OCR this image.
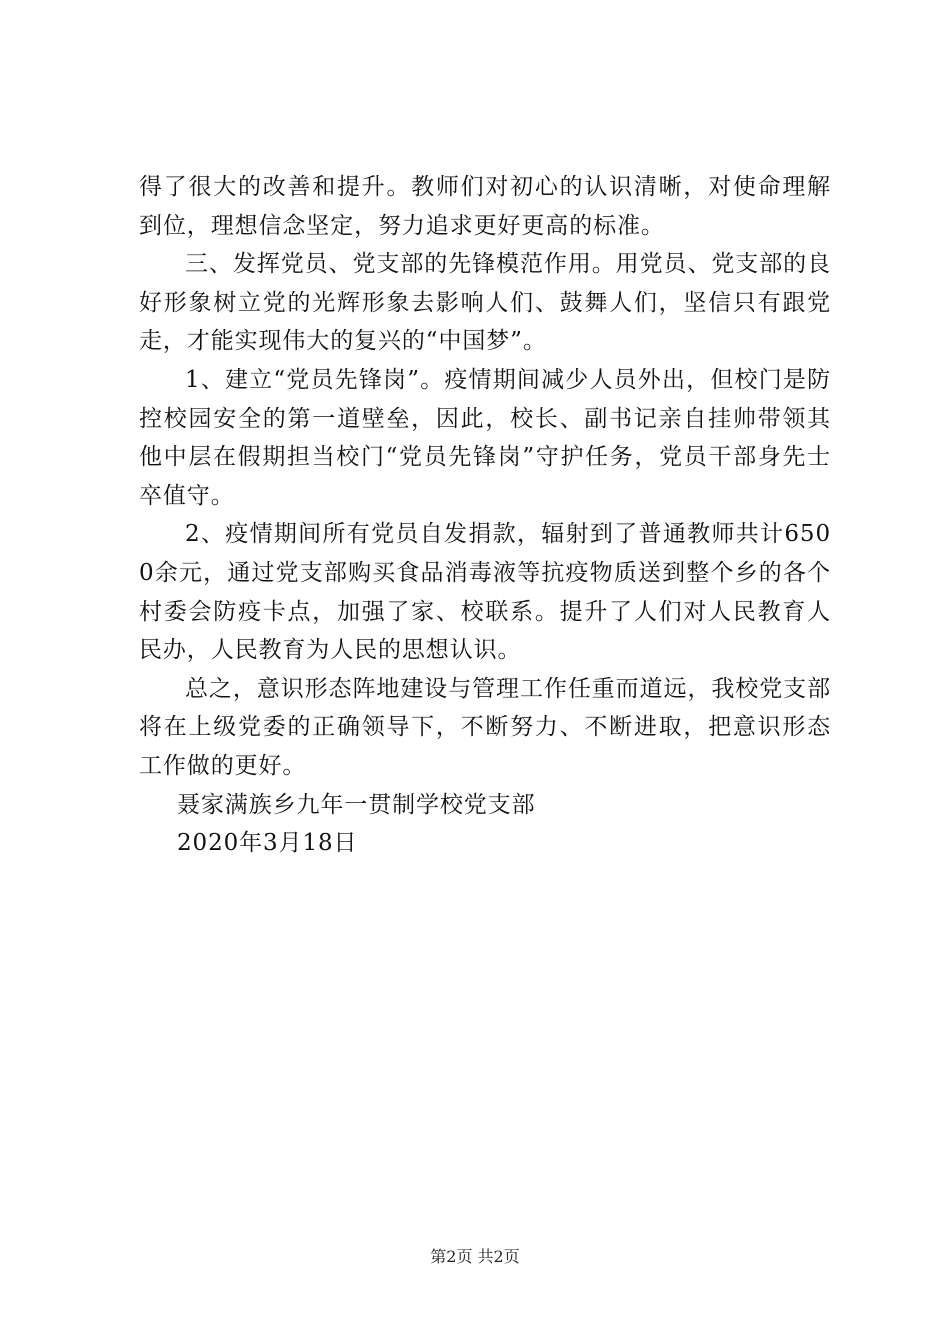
得了很大的改善和提升。教师们对初心的认识清晰，对使命理解到位，理想信念坚定，努力追求更好更高的标准。

三、发挥党员、党支部的先锋模范作用。用党员、党支部的良好形象树立党的光辉形象去影响人们、鼓舞人们，坚信只有跟党走，才能实现伟大的复兴的“中国梦”。

1、建立“党员先锋岗”。疫情期间减少人员外出，但校门是防控校园安全的第一道壁垒，因此，校长、副书记亲自挂帅带领其他中层在假期担当校门“党员先锋岗”守护任务，党员干部身先士卒值守。

2、疫情期间所有党员自发捐款，辐射到了普通教师共计6500余元，通过党支部购买食品消毒液等抗疫物质送到整个乡的各个村委会防疫卡点，加强了家、校联系。提升了人们对人民教育人民办，人民教育为人民的思想认识。

总之，意识形态阵地建设与管理工作任重而道远，我校党支部将在上级党委的正确领导下，不断努力、不断进取，把意识形态工作做的更好。

聂家满族乡九年一贯制学校党支部

2020年3月18日

第2页 共2页
